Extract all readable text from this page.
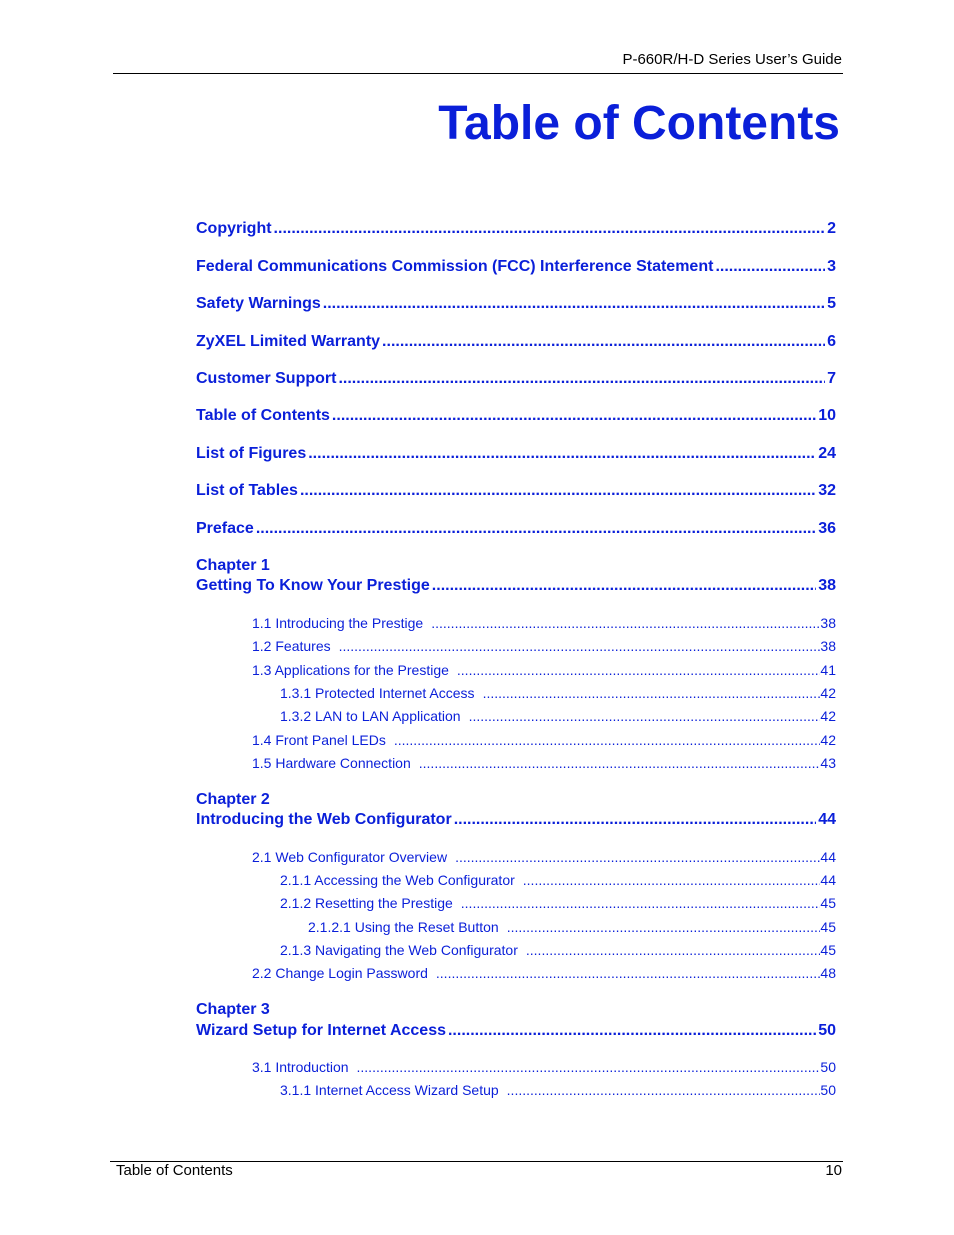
P-660R/H-D Series User’s Guide
Table of Contents
Copyright .....	2
Federal Communications Commission (FCC) Interference Statement .....	3
Safety Warnings .....	5
ZyXEL Limited Warranty .....	6
Customer Support .....	7
Table of Contents .....	10
List of Figures .....	24
List of Tables .....	32
Preface .....	36
Chapter 1
Getting To Know Your Prestige .....	38
1.1 Introducing the Prestige .....	38
1.2 Features .....	38
1.3 Applications for the Prestige .....	41
1.3.1 Protected Internet Access .....	42
1.3.2 LAN to LAN Application .....	42
1.4 Front Panel LEDs .....	42
1.5 Hardware Connection .....	43
Chapter 2
Introducing the Web Configurator .....	44
2.1 Web Configurator Overview .....	44
2.1.1 Accessing the Web Configurator .....	44
2.1.2 Resetting the Prestige .....	45
2.1.2.1 Using the Reset Button .....	45
2.1.3 Navigating the Web Configurator .....	45
2.2 Change Login Password .....	48
Chapter 3
Wizard Setup for Internet Access .....	50
3.1 Introduction .....	50
3.1.1 Internet Access Wizard Setup .....	50
Table of Contents	10
